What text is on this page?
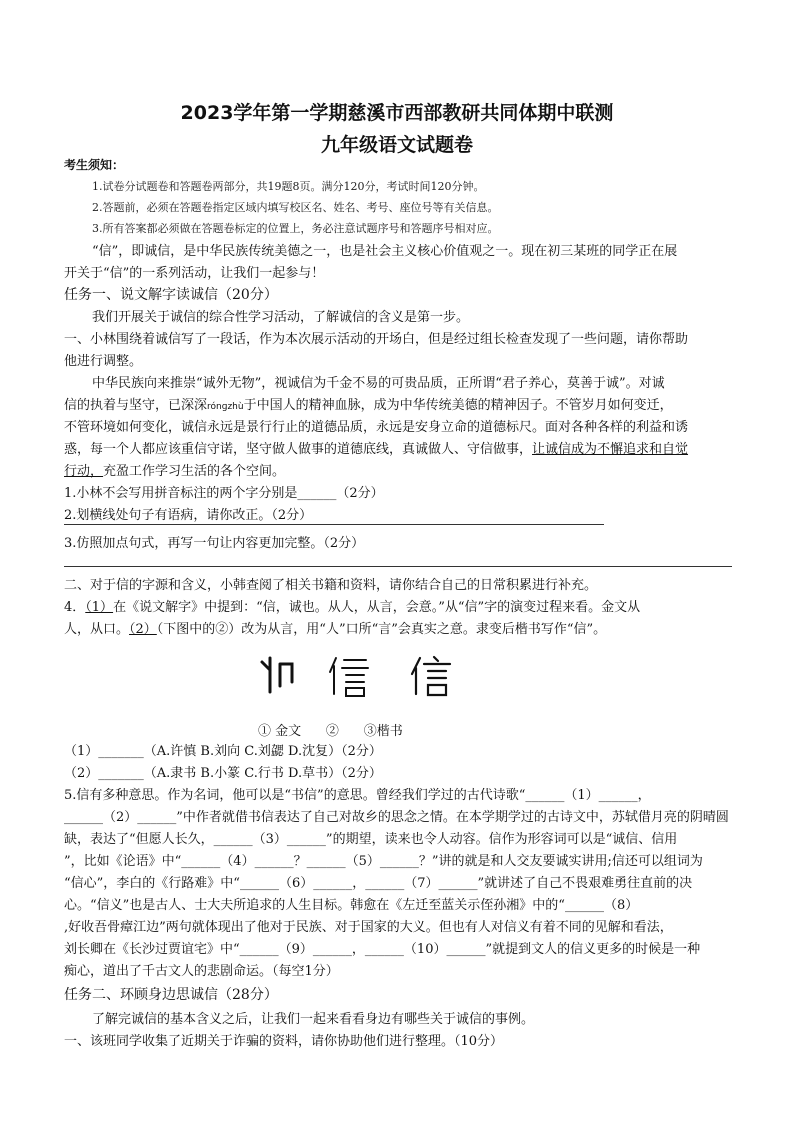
2023学年第一学期慈溪市西部教研共同体期中联测
九年级语文试题卷
考生须知：
1.试卷分试题卷和答题卷两部分，共19题8页。满分120分，考试时间120分钟。
2.答题前，必须在答题卷指定区域内填写校区名、姓名、考号、座位号等有关信息。
3.所有答案都必须做在答题卷标定的位置上，务必注意试题序号和答题序号相对应。
“信”，即诚信，是中华民族传统美德之一，也是社会主义核心价值观之一。现在初三某班的同学正在展
开关于“信”的一系列活动，让我们一起参与！
任务一、说文解字读诚信（20分）
我们开展关于诚信的综合性学习活动，了解诚信的含义是第一步。
一、小林围绕着诚信写了一段话，作为本次展示活动的开场白，但是经过组长检查发现了一些问题，请你帮助
他进行调整。
中华民族向来推崇“诚外无物”，视诚信为千金不易的可贵品质，正所谓“君子养心，莫善于诚”。对诚
信的执着与坚守，已深深rónɡzhù于中国人的精神血脉，成为中华传统美德的精神因子。不管岁月如何变迁，
不管环境如何变化，诚信永远是景行行止的道德品质，永远是安身立命的道德标尺。面对各种各样的利益和诱
惑，每一个人都应该重信守诺，坚守做人做事的道德底线，真诚做人、守信做事，让诚信成为不懈追求和自觉
行动，充盈工作学习生活的各个空间。
1.小林不会写用拼音标注的两个字分别是______（2分）
2.划横线处句子有语病，请你改正。（2分）
3.仿照加点句式，再写一句让内容更加完整。（2分）
二、对于信的字源和含义，小韩查阅了相关书籍和资料，请你结合自己的日常积累进行补充。
4．（1）在《说文解字》中提到：“信，诚也。从人，从言，会意。”从“信”字的演变过程来看。金文从
人，从口。（2）（下图中的②）改为从言，用“人”口所“言”会真实之意。隶变后楷书写作“信”。
① 金文      ②      ③楷书
（1）_______（A.许慎 B.刘向 C.刘勰 D.沈复）（2分）
（2）_______（A.隶书 B.小篆 C.行书 D.草书）（2分）
5.信有多种意思。作为名词，他可以是“书信”的意思。曾经我们学过的古代诗歌“______（1）______，
______（2）______”中作者就借书信表达了自己对故乡的思念之情。在本学期学过的古诗文中，苏轼借月亮的阴晴圆
缺，表达了“但愿人长久，______（3）______”的期望，读来也令人动容。信作为形容词可以是“诚信、信用
”，比如《论语》中“______（4）______？______（5）______？”讲的就是和人交友要诚实讲用;信还可以组词为
“信心”，李白的《行路难》中“______（6）______，______（7）______”就讲述了自己不畏艰难勇往直前的决
心。“信义”也是古人、士大夫所追求的人生目标。韩愈在《左迁至蓝关示侄孙湘》中的“______（8）
,好收吾骨瘴江边”两句就体现出了他对于民族、对于国家的大义。但也有人对信义有着不同的见解和看法，
刘长卿在《长沙过贾谊宅》中“______（9）______，______（10）______”就提到文人的信义更多的时候是一种
痴心，道出了千古文人的悲剧命运。（每空1分）
任务二、环顾身边思诚信（28分）
了解完诚信的基本含义之后，让我们一起来看看身边有哪些关于诚信的事例。
一、该班同学收集了近期关于诈骗的资料，请你协助他们进行整理。（10分）
